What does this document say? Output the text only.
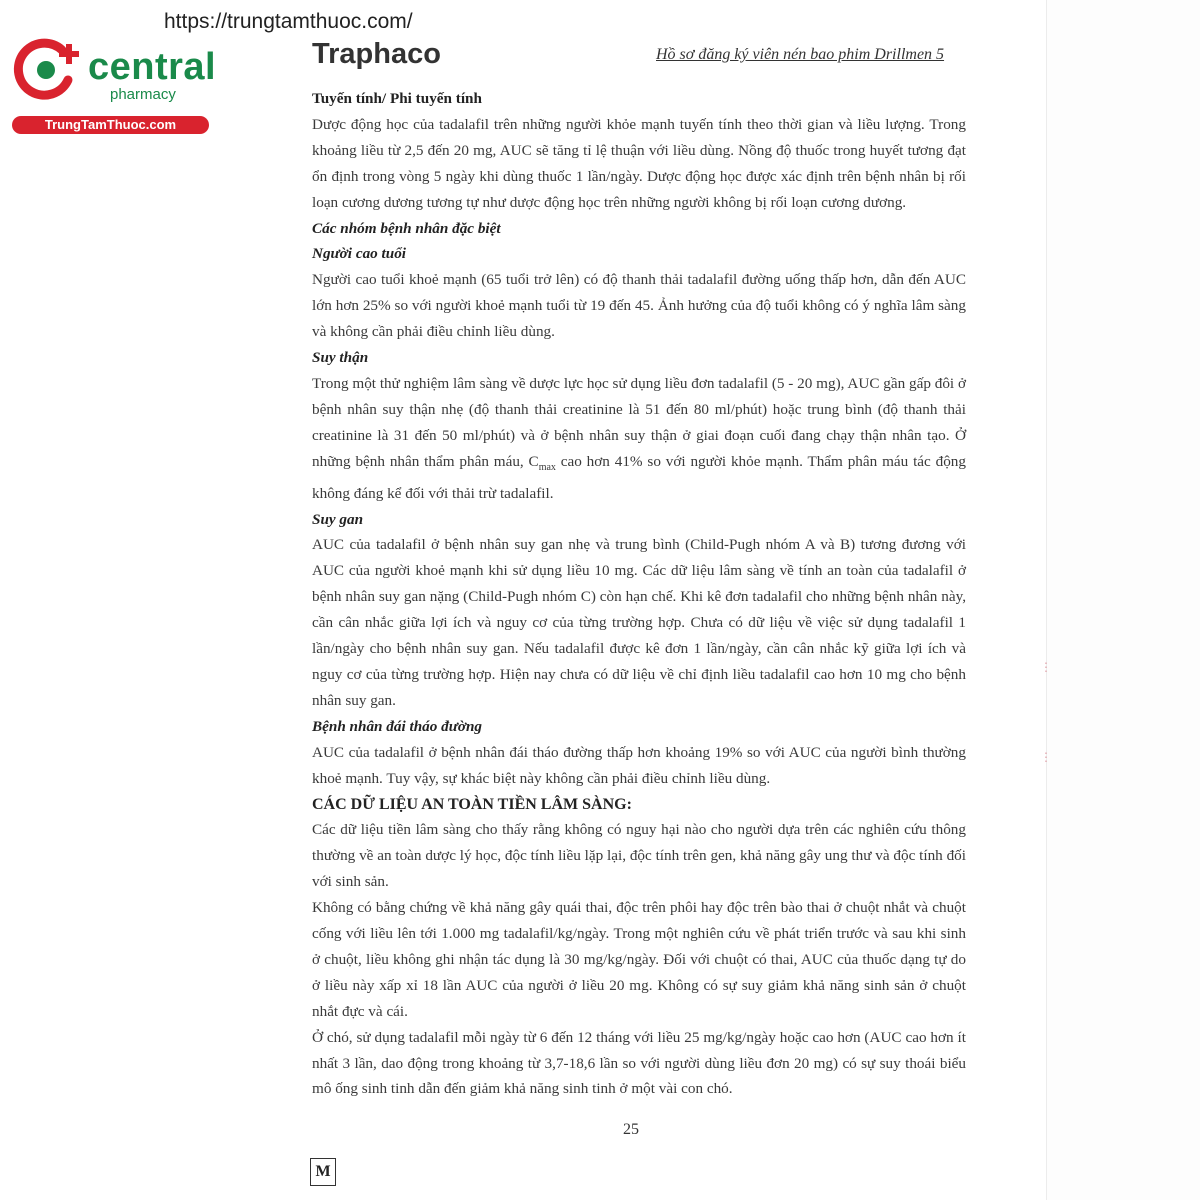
https://trungtamthuoc.com/
central
pharmacy
TrungTamThuoc.com
Traphaco	Hồ sơ đăng ký viên nén bao phim Drillmen 5

Tuyến tính/ Phi tuyến tính

Dược động học của tadalafil trên những người khỏe mạnh tuyến tính theo thời gian và liều lượng. Trong khoảng liều từ 2,5 đến 20 mg, AUC sẽ tăng tỉ lệ thuận với liều dùng. Nồng độ thuốc trong huyết tương đạt ổn định trong vòng 5 ngày khi dùng thuốc 1 lần/ngày. Dược động học được xác định trên bệnh nhân bị rối loạn cương dương tương tự như dược động học trên những người không bị rối loạn cương dương.

Các nhóm bệnh nhân đặc biệt

Người cao tuổi

Người cao tuổi khoẻ mạnh (65 tuổi trở lên) có độ thanh thải tadalafil đường uống thấp hơn, dẫn đến AUC lớn hơn 25% so với người khoẻ mạnh tuổi từ 19 đến 45. Ảnh hưởng của độ tuổi không có ý nghĩa lâm sàng và không cần phải điều chỉnh liều dùng.

Suy thận

Trong một thử nghiệm lâm sàng về dược lực học sử dụng liều đơn tadalafil (5 - 20 mg), AUC gần gấp đôi ở bệnh nhân suy thận nhẹ (độ thanh thải creatinine là 51 đến 80 ml/phút) hoặc trung bình (độ thanh thải creatinine là 31 đến 50 ml/phút) và ở bệnh nhân suy thận ở giai đoạn cuối đang chạy thận nhân tạo. Ở những bệnh nhân thẩm phân máu, $C_{max}$ cao hơn 41% so với người khỏe mạnh. Thẩm phân máu tác động không đáng kể đối với thải trừ tadalafil.

Suy gan

AUC của tadalafil ở bệnh nhân suy gan nhẹ và trung bình (Child-Pugh nhóm A và B) tương đương với AUC của người khoẻ mạnh khi sử dụng liều 10 mg. Các dữ liệu lâm sàng về tính an toàn của tadalafil ở bệnh nhân suy gan nặng (Child-Pugh nhóm C) còn hạn chế. Khi kê đơn tadalafil cho những bệnh nhân này, cần cân nhắc giữa lợi ích và nguy cơ của từng trường hợp. Chưa có dữ liệu về việc sử dụng tadalafil 1 lần/ngày cho bệnh nhân suy gan. Nếu tadalafil được kê đơn 1 lần/ngày, cần cân nhắc kỹ giữa lợi ích và nguy cơ của từng trường hợp. Hiện nay chưa có dữ liệu về chỉ định liều tadalafil cao hơn 10 mg cho bệnh nhân suy gan.

Bệnh nhân đái tháo đường

AUC của tadalafil ở bệnh nhân đái tháo đường thấp hơn khoảng 19% so với AUC của người bình thường khoẻ mạnh. Tuy vậy, sự khác biệt này không cần phải điều chỉnh liều dùng.

CÁC DỮ LIỆU AN TOÀN TIỀN LÂM SÀNG:

Các dữ liệu tiền lâm sàng cho thấy rằng không có nguy hại nào cho người dựa trên các nghiên cứu thông thường về an toàn dược lý học, độc tính liều lặp lại, độc tính trên gen, khả năng gây ung thư và độc tính đối với sinh sản.

Không có bằng chứng về khả năng gây quái thai, độc trên phôi hay độc trên bào thai ở chuột nhắt và chuột cống với liều lên tới 1.000 mg tadalafil/kg/ngày. Trong một nghiên cứu về phát triển trước và sau khi sinh ở chuột, liều không ghi nhận tác dụng là 30 mg/kg/ngày. Đối với chuột có thai, AUC của thuốc dạng tự do ở liều này xấp xỉ 18 lần AUC của người ở liều 20 mg. Không có sự suy giảm khả năng sinh sản ở chuột nhắt đực và cái.

Ở chó, sử dụng tadalafil mỗi ngày từ 6 đến 12 tháng với liều 25 mg/kg/ngày hoặc cao hơn (AUC cao hơn ít nhất 3 lần, dao động trong khoảng từ 3,7-18,6 lần so với người dùng liều đơn 20 mg) có sự suy thoái biểu mô ống sinh tinh dẫn đến giảm khả năng sinh tinh ở một vài con chó.

25
M
⋮
⋮
